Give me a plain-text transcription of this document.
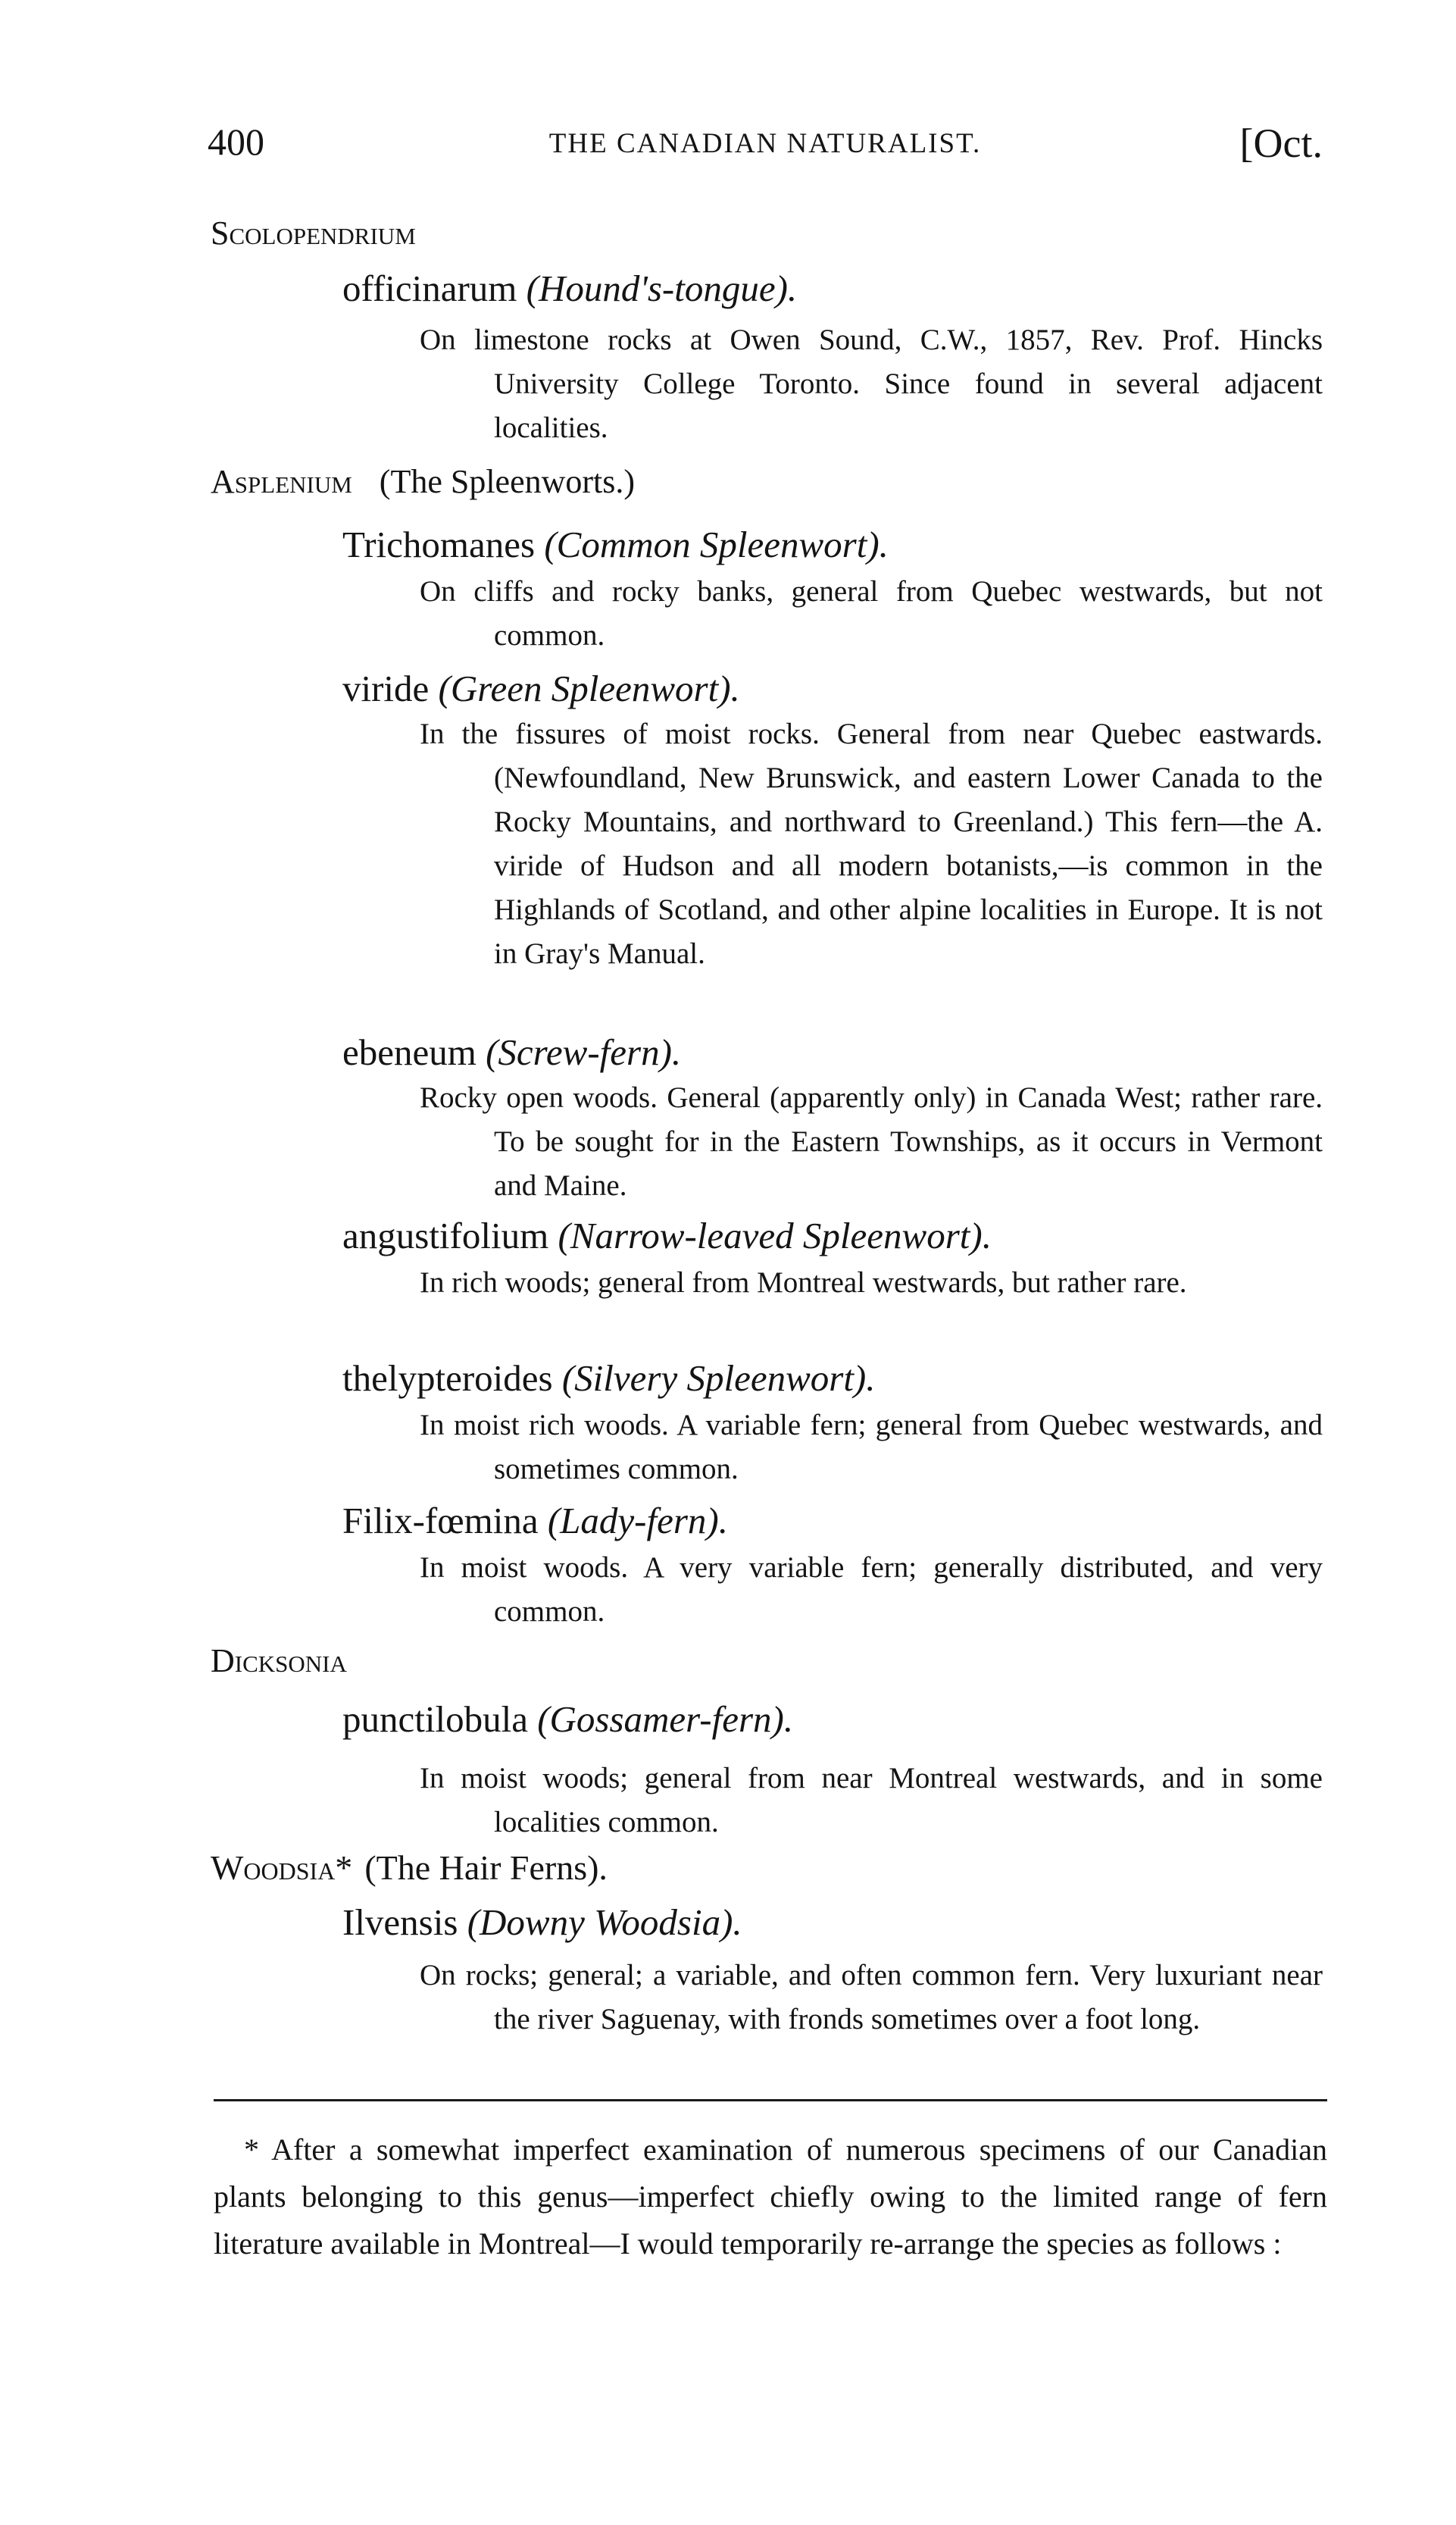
400	THE CANADIAN NATURALIST.	[Oct.
Scolopendrium
officinarum (Hound's-tongue).

On limestone rocks at Owen Sound, C.W., 1857, Rev. Prof. Hincks University College Toronto. Since found in several adjacent localities.

Asplenium (The Spleenworts.)
Trichomanes (Common Spleenwort).

On cliffs and rocky banks, general from Quebec westwards, but not common.

viride (Green Spleenwort).

In the fissures of moist rocks. General from near Quebec eastwards. (Newfoundland, New Brunswick, and eastern Lower Canada to the Rocky Mountains, and northward to Greenland.) This fern—the A. viride of Hudson and all modern botanists,—is common in the Highlands of Scotland, and other alpine localities in Europe. It is not in Gray's Manual.

ebeneum (Screw-fern).

Rocky open woods. General (apparently only) in Canada West; rather rare. To be sought for in the Eastern Townships, as it occurs in Vermont and Maine.

angustifolium (Narrow-leaved Spleenwort).

In rich woods; general from Montreal westwards, but rather rare.

thelypteroides (Silvery Spleenwort).

In moist rich woods. A variable fern; general from Quebec westwards, and sometimes common.

Filix-fœmina (Lady-fern).

In moist woods. A very variable fern; generally distributed, and very common.

Dicksonia
punctilobula (Gossamer-fern).

In moist woods; general from near Montreal westwards, and in some localities common.

Woodsia* (The Hair Ferns).
Ilvensis (Downy Woodsia).

On rocks; general; a variable, and often common fern. Very luxuriant near the river Saguenay, with fronds sometimes over a foot long.

* After a somewhat imperfect examination of numerous specimens of our Canadian plants belonging to this genus—imperfect chiefly owing to the limited range of fern literature available in Montreal—I would temporarily re-arrange the species as follows :
